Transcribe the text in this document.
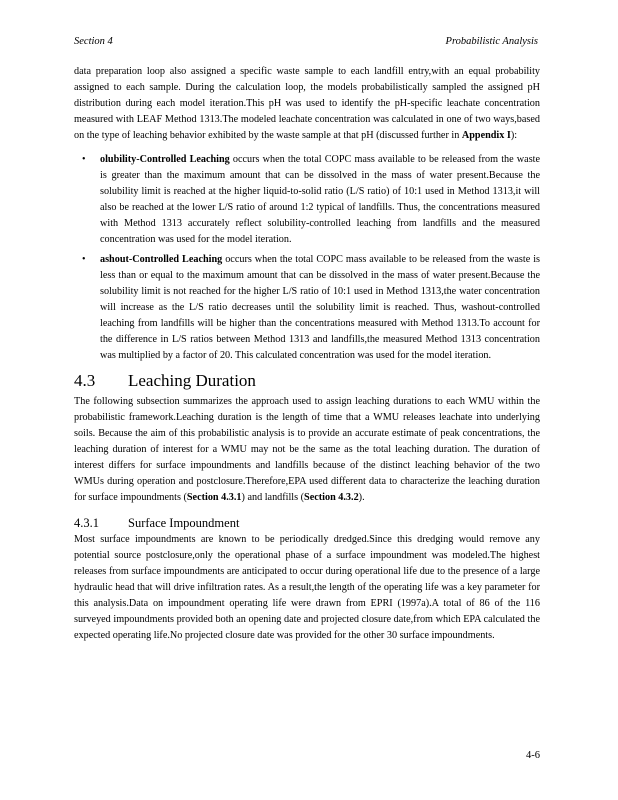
Section 4	Probabilistic Analysis

data preparation loop also assigned a specific waste sample to each landfill entry,with an equal probability assigned to each sample. During the calculation loop, the models probabilistically sampled the assigned pH distribution during each model iteration.This pH was used to identify the pH-specific leachate concentration measured with LEAF Method 1313.The modeled leachate concentration was calculated in one of two ways,based on the type of leaching behavior exhibited by the waste sample at that pH (discussed further in Appendix I):

• olubility-Controlled Leaching occurs when the total COPC mass available to be released from the waste is greater than the maximum amount that can be dissolved in the mass of water present.Because the solubility limit is reached at the higher liquid-to-solid ratio (L/S ratio) of 10:1 used in Method 1313,it will also be reached at the lower L/S ratio of around 1:2 typical of landfills. Thus, the concentrations measured with Method 1313 accurately reflect solubility-controlled leaching from landfills and the measured concentration was used for the model iteration.
• ashout-Controlled Leaching occurs when the total COPC mass available to be released from the waste is less than or equal to the maximum amount that can be dissolved in the mass of water present.Because the solubility limit is not reached for the higher L/S ratio of 10:1 used in Method 1313,the water concentration will increase as the L/S ratio decreases until the solubility limit is reached. Thus, washout-controlled leaching from landfills will be higher than the concentrations measured with Method 1313.To account for the difference in L/S ratios between Method 1313 and landfills,the measured Method 1313 concentration was multiplied by a factor of 20. This calculated concentration was used for the model iteration.
4.3	Leaching Duration

The following subsection summarizes the approach used to assign leaching durations to each WMU within the probabilistic framework.Leaching duration is the length of time that a WMU releases leachate into underlying soils. Because the aim of this probabilistic analysis is to provide an accurate estimate of peak concentrations, the leaching duration of interest for a WMU may not be the same as the total leaching duration. The duration of interest differs for surface impoundments and landfills because of the distinct leaching behavior of the two WMUs during operation and postclosure.Therefore,EPA used different data to characterize the leaching duration for surface impoundments (Section 4.3.1) and landfills (Section 4.3.2).

4.3.1	Surface Impoundment

Most surface impoundments are known to be periodically dredged.Since this dredging would remove any potential source postclosure,only the operational phase of a surface impoundment was modeled.The highest releases from surface impoundments are anticipated to occur during operational life due to the presence of a large hydraulic head that will drive infiltration rates. As a result,the length of the operating life was a key parameter for this analysis.Data on impoundment operating life were drawn from EPRI (1997a).A total of 86 of the 116 surveyed impoundments provided both an opening date and projected closure date,from which EPA calculated the expected operating life.No projected closure date was provided for the other 30 surface impoundments.

4-6
